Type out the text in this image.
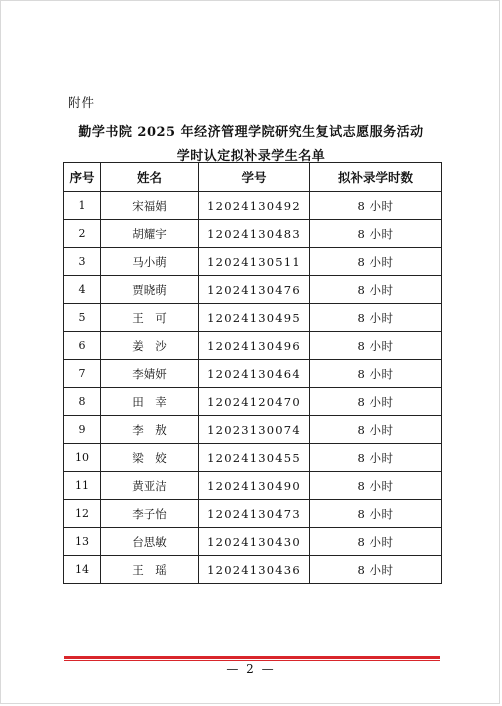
附件
勤学书院 2025 年经济管理学院研究生复试志愿服务活动
学时认定拟补录学生名单
序号	姓名	学号	拟补录学时数
1	宋福娟	12024130492	8 小时
2	胡耀宇	12024130483	8 小时
3	马小萌	12024130511	8 小时
4	贾晓萌	12024130476	8 小时
5	王　可	12024130495	8 小时
6	姜　沙	12024130496	8 小时
7	李婧妍	12024130464	8 小时
8	田　幸	12024120470	8 小时
9	李　敖	12023130074	8 小时
10	梁　姣	12024130455	8 小时
11	黄亚洁	12024130490	8 小时
12	李子怡	12024130473	8 小时
13	台思敏	12024130430	8 小时
14	王　瑶	12024130436	8 小时
— 2 —
